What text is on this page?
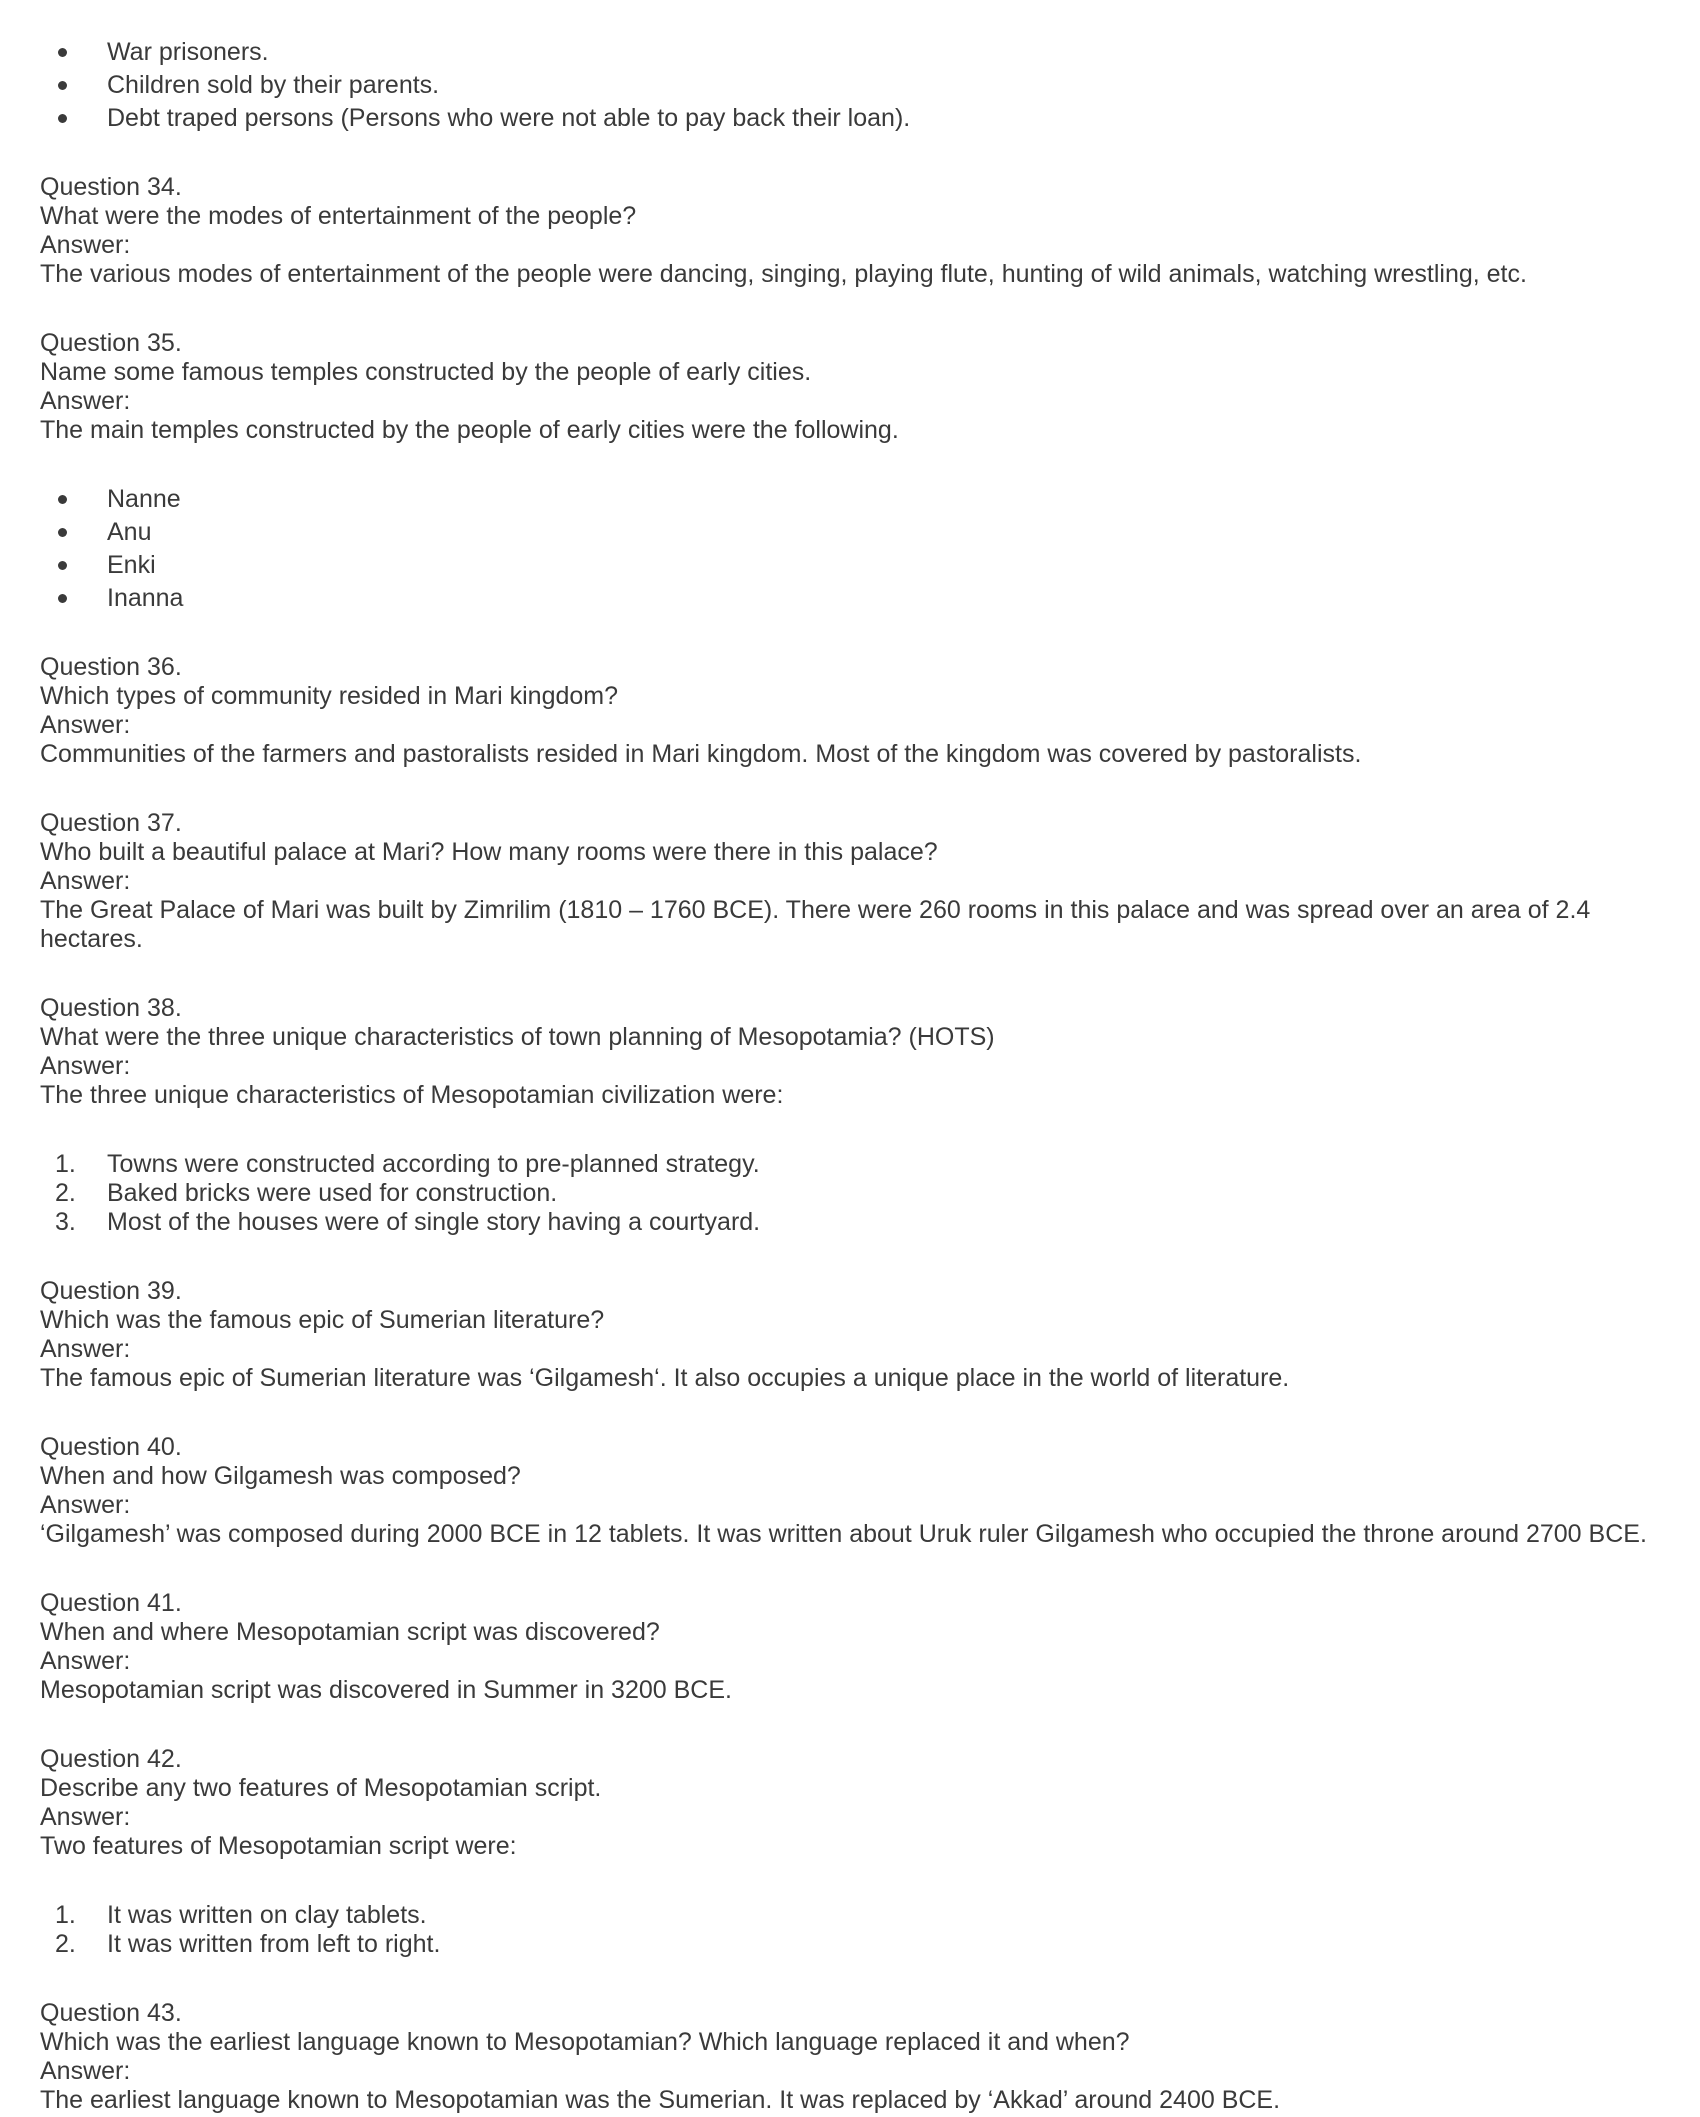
War prisoners.
Children sold by their parents.
Debt traped persons (Persons who were not able to pay back their loan).
Question 34.
What were the modes of entertainment of the people?
Answer:
The various modes of entertainment of the people were dancing, singing, playing flute, hunting of wild animals, watching wrestling, etc.
Question 35.
Name some famous temples constructed by the people of early cities.
Answer:
The main temples constructed by the people of early cities were the following.
Nanne
Anu
Enki
Inanna
Question 36.
Which types of community resided in Mari kingdom?
Answer:
Communities of the farmers and pastoralists resided in Mari kingdom. Most of the kingdom was covered by pastoralists.
Question 37.
Who built a beautiful palace at Mari? How many rooms were there in this palace?
Answer:
The Great Palace of Mari was built by Zimrilim (1810 – 1760 BCE). There were 260 rooms in this palace and was spread over an area of 2.4 hectares.
Question 38.
What were the three unique characteristics of town planning of Mesopotamia? (HOTS)
Answer:
The three unique characteristics of Mesopotamian civilization were:
Towns were constructed according to pre-planned strategy.
Baked bricks were used for construction.
Most of the houses were of single story having a courtyard.
Question 39.
Which was the famous epic of Sumerian literature?
Answer:
The famous epic of Sumerian literature was ‘Gilgamesh‘. It also occupies a unique place in the world of literature.
Question 40.
When and how Gilgamesh was composed?
Answer:
‘Gilgamesh’ was composed during 2000 BCE in 12 tablets. It was written about Uruk ruler Gilgamesh who occupied the throne around 2700 BCE.
Question 41.
When and where Mesopotamian script was discovered?
Answer:
Mesopotamian script was discovered in Summer in 3200 BCE.
Question 42.
Describe any two features of Mesopotamian script.
Answer:
Two features of Mesopotamian script were:
It was written on clay tablets.
It was written from left to right.
Question 43.
Which was the earliest language known to Mesopotamian? Which language replaced it and when?
Answer:
The earliest language known to Mesopotamian was the Sumerian. It was replaced by ‘Akkad’ around 2400 BCE.
